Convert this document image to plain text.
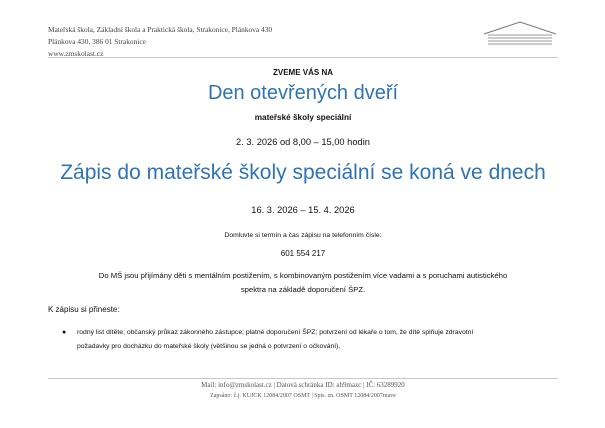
Mateřská škola, Základní škola a Praktická škola, Strakonice, Plánkova 430
Plánkova 430, 386 01 Strakonice
www.zmskolast.cz
ZVEME VÁS NA
Den otevřených dveří
mateřské školy speciální
2. 3. 2026 od 8,00 – 15,00 hodin
Zápis do mateřské školy speciální se koná ve dnech
16. 3. 2026 – 15. 4. 2026
Domluvte si termín a čas zápisu na telefonním čísle:
601 554 217
Do MŠ jsou přijímány děti s mentálním postižením, s kombinovaným postižením více vadami a s poruchami autistického
spektra na základě doporučení ŠPZ.
K zápisu si přineste:
● rodný list dítěte; občanský průkaz zákonného zástupce; platné doporučení ŠPZ; potvrzení od lékaře o tom, že dítě splňuje zdravotní
požadavky pro docházku do mateřské školy (většinou se jedná o potvrzení o očkování).
Mail: info@zmskolast.cz | Datová schránka ID: ah9mazc | IČ: 63289920
Zapsáno: č.j. KUJCK 12084/2007 OSMT | Spis. zn. OSMT 12084/2007mave
